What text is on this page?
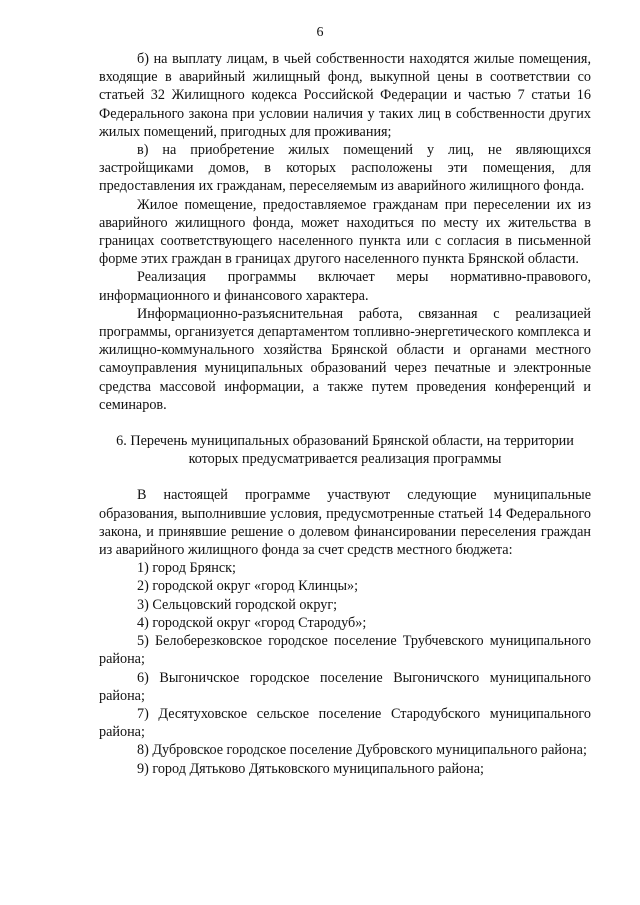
6

б) на выплату лицам, в чьей собственности находятся жилые помещения, входящие в аварийный жилищный фонд, выкупной цены в соответствии со статьей 32 Жилищного кодекса Российской Федерации и частью 7 статьи 16 Федерального закона при условии наличия у таких лиц в собственности других жилых помещений, пригодных для проживания;

в) на приобретение жилых помещений у лиц, не являющихся застройщиками домов, в которых расположены эти помещения, для предоставления их гражданам, переселяемым из аварийного жилищного фонда.

Жилое помещение, предоставляемое гражданам при переселении их из аварийного жилищного фонда, может находиться по месту их жительства в границах соответствующего населенного пункта или с согласия в письменной форме этих граждан в границах другого населенного пункта Брянской области.

Реализация программы включает меры нормативно-правового, информационного и финансового характера.

Информационно-разъяснительная работа, связанная с реализацией программы, организуется департаментом топливно-энергетического комплекса и жилищно-коммунального хозяйства Брянской области и органами местного самоуправления муниципальных образований через печатные и электронные средства массовой информации, а также путем проведения конференций и семинаров.

6. Перечень муниципальных образований Брянской области, на территории
которых предусматривается реализация программы

В настоящей программе участвуют следующие муниципальные образования, выполнившие условия, предусмотренные статьей 14 Федерального закона, и принявшие решение о долевом финансировании переселения граждан из аварийного жилищного фонда за счет средств местного бюджета:

1) город Брянск;

2) городской округ «город Клинцы»;

3) Сельцовский городской округ;

4) городской округ «город Стародуб»;

5) Белоберезковское городское поселение Трубчевского муниципального района;

6) Выгоничское городское поселение Выгоничского муниципального района;

7) Десятуховское сельское поселение Стародубского муниципального района;

8) Дубровское городское поселение Дубровского муниципального района;

9) город Дятьково Дятьковского муниципального района;
